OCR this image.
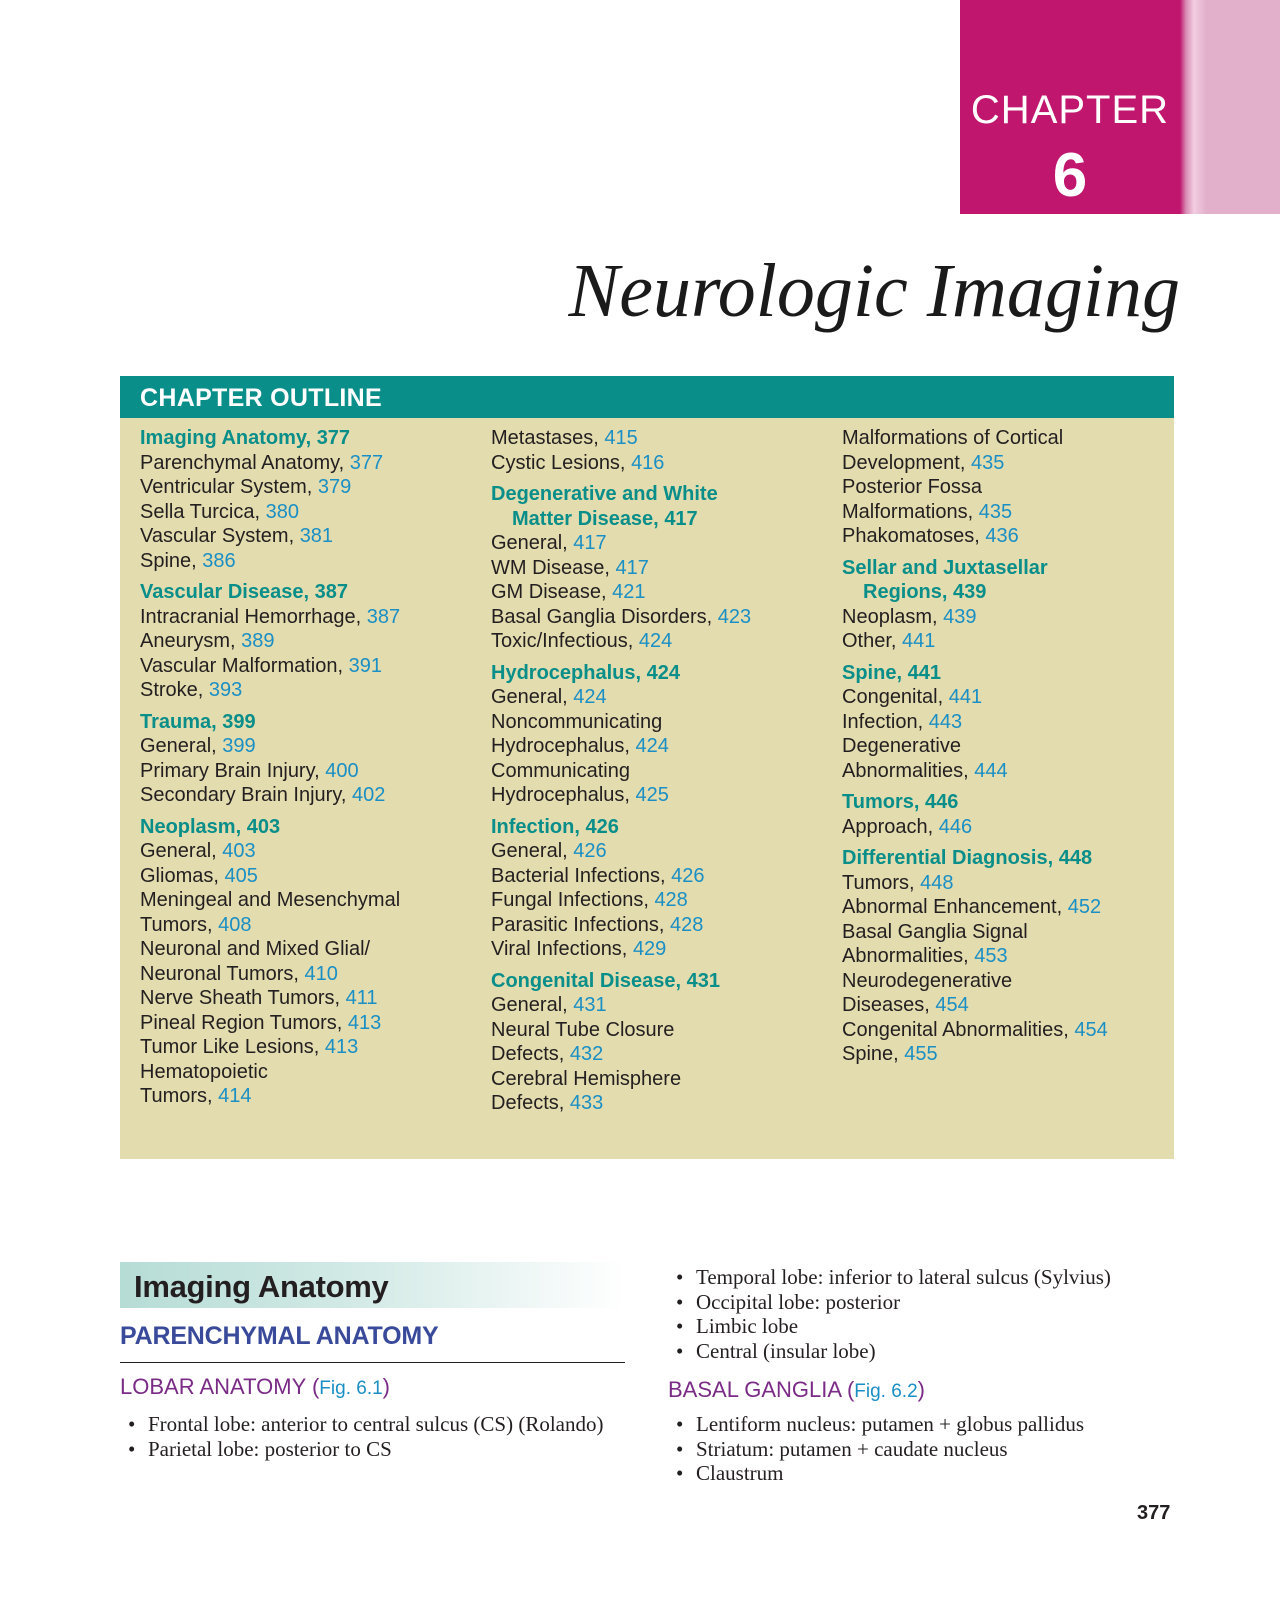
CHAPTER
6
Neurologic Imaging
CHAPTER OUTLINE
Imaging Anatomy, 377
Parenchymal Anatomy, 377
Ventricular System, 379
Sella Turcica, 380
Vascular System, 381
Spine, 386
Vascular Disease, 387
Intracranial Hemorrhage, 387
Aneurysm, 389
Vascular Malformation, 391
Stroke, 393
Trauma, 399
General, 399
Primary Brain Injury, 400
Secondary Brain Injury, 402
Neoplasm, 403
General, 403
Gliomas, 405
Meningeal and Mesenchymal
Tumors, 408
Neuronal and Mixed Glial/
Neuronal Tumors, 410
Nerve Sheath Tumors, 411
Pineal Region Tumors, 413
Tumor Like Lesions, 413
Hematopoietic
Tumors, 414
Metastases, 415
Cystic Lesions, 416
Degenerative and White
Matter Disease, 417
General, 417
WM Disease, 417
GM Disease, 421
Basal Ganglia Disorders, 423
Toxic/Infectious, 424
Hydrocephalus, 424
General, 424
Noncommunicating
Hydrocephalus, 424
Communicating
Hydrocephalus, 425
Infection, 426
General, 426
Bacterial Infections, 426
Fungal Infections, 428
Parasitic Infections, 428
Viral Infections, 429
Congenital Disease, 431
General, 431
Neural Tube Closure
Defects, 432
Cerebral Hemisphere
Defects, 433
Malformations of Cortical
Development, 435
Posterior Fossa
Malformations, 435
Phakomatoses, 436
Sellar and Juxtasellar
Regions, 439
Neoplasm, 439
Other, 441
Spine, 441
Congenital, 441
Infection, 443
Degenerative
Abnormalities, 444
Tumors, 446
Approach, 446
Differential Diagnosis, 448
Tumors, 448
Abnormal Enhancement, 452
Basal Ganglia Signal
Abnormalities, 453
Neurodegenerative
Diseases, 454
Congenital Abnormalities, 454
Spine, 455
Imaging Anatomy
PARENCHYMAL ANATOMY
LOBAR ANATOMY (Fig. 6.1)
• Frontal lobe: anterior to central sulcus (CS) (Rolando)
• Parietal lobe: posterior to CS
• Temporal lobe: inferior to lateral sulcus (Sylvius)
• Occipital lobe: posterior
• Limbic lobe
• Central (insular lobe)
BASAL GANGLIA (Fig. 6.2)
• Lentiform nucleus: putamen + globus pallidus
• Striatum: putamen + caudate nucleus
• Claustrum
377
